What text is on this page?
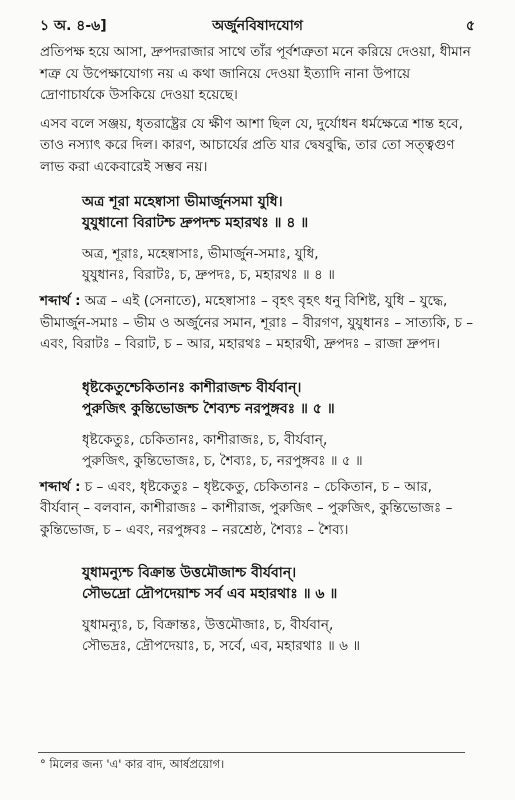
১ অ. ৪-৬]	অর্জুনবিষাদযোগ	৫

প্রতিপক্ষ হয়ে আসা, দ্রুপদরাজার সাথে তাঁর পূর্বশত্রুতা মনে করিয়ে দেওয়া, ধীমান শত্রু যে উপেক্ষাযোগ্য নয় এ কথা জানিয়ে দেওয়া ইত্যাদি নানা উপায়ে দ্রোণাচার্যকে উসকিয়ে দেওয়া হয়েছে।

এসব বলে সঞ্জয়, ধৃতরাষ্ট্রের যে ক্ষীণ আশা ছিল যে, দুর্যোধন ধর্মক্ষেত্রে শান্ত হবে, তাও নস্যাৎ করে দিল। কারণ, আচার্যের প্রতি যার দ্বেষবুদ্ধি, তার তো সত্ত্বগুণ লাভ করা একেবারেই সম্ভব নয়।

অত্র শূরা মহেষ্বাসা ভীমার্জুনসমা যুধি।
যুযুধানো বিরাটশ্চ দ্রুপদশ্চ মহারথঃ ॥ ৪ ॥
অত্র, শূরাঃ, মহেষ্বাসাঃ, ভীমার্জুন-সমাঃ, যুধি,
যুযুধানঃ, বিরাটঃ, চ, দ্রুপদঃ, চ, মহারথঃ ॥ ৪ ॥

শব্দার্থ : অত্র – এই (সেনাতে), মহেষ্বাসাঃ – বৃহৎ বৃহৎ ধনু বিশিষ্ট, যুধি – যুদ্ধে, ভীমার্জুন-সমাঃ – ভীম ও অর্জুনের সমান, শূরাঃ – বীরগণ, যুযুধানঃ – সাত্যকি, চ – এবং, বিরাটঃ – বিরাট, চ – আর, মহারথঃ – মহারথী, দ্রুপদঃ – রাজা দ্রুপদ।

ধৃষ্টকেতুশ্চেকিতানঃ কাশীরাজশ্চ বীর্যবান্।
পুরুজিৎ কুন্তিভোজশ্চ শৈব্যশ্চ নরপুঙ্গবঃ ॥ ৫ ॥
ধৃষ্টকেতুঃ, চেকিতানঃ, কাশীরাজঃ, চ, বীর্যবান্,
পুরুজিৎ, কুন্তিভোজঃ, চ, শৈব্যঃ, চ, নরপুঙ্গবঃ ॥ ৫ ॥

শব্দার্থ : চ – এবং, ধৃষ্টকেতুঃ – ধৃষ্টকেতু, চেকিতানঃ – চেকিতান, চ – আর, বীর্যবান্ – বলবান, কাশীরাজঃ – কাশীরাজ, পুরুজিৎ – পুরুজিৎ, কুন্তিভোজঃ – কুন্তিভোজ, চ – এবং, নরপুঙ্গবঃ – নরশ্রেষ্ঠ, শৈব্যঃ – শৈব্য।

যুধামন্যুশ্চ বিক্রান্ত উত্তমৌজাশ্চ বীর্যবান্।
সৌভদ্রো দ্রৌপদেয়াশ্চ সর্ব এব মহারথাঃ ॥ ৬ ॥
যুধামন্যুঃ, চ, বিক্রান্তঃ, উত্তমৌজাঃ, চ, বীর্যবান্,
সৌভদ্রঃ, দ্রৌপদেয়াঃ, চ, সর্বে, এব, মহারথাঃ ॥ ৬ ॥
° মিলের জন্য 'এ' কার বাদ, আর্ষপ্রয়োগ।
